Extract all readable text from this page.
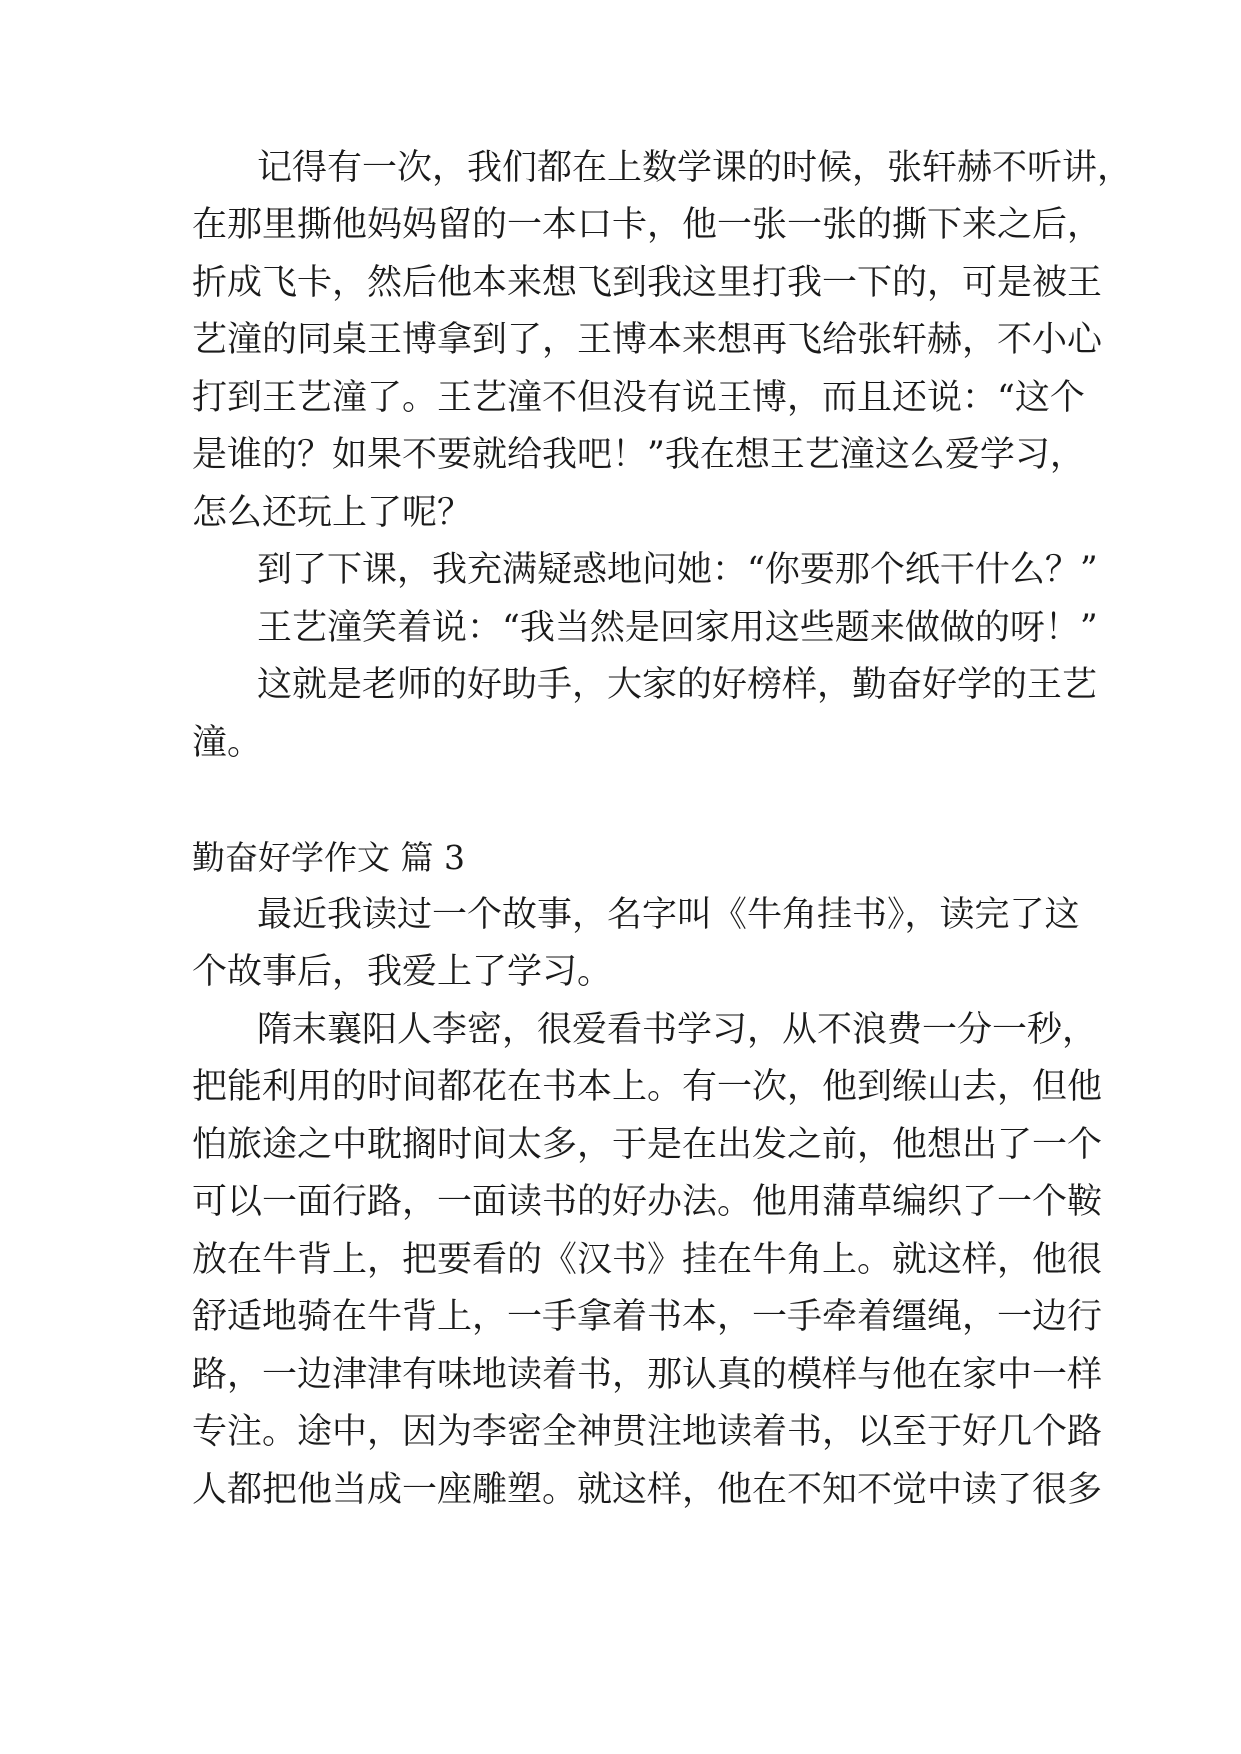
记得有一次，我们都在上数学课的时候，张轩赫不听讲，
在那里撕他妈妈留的一本口卡，他一张一张的撕下来之后，
折成飞卡，然后他本来想飞到我这里打我一下的，可是被王
艺潼的同桌王博拿到了，王博本来想再飞给张轩赫，不小心
打到王艺潼了。王艺潼不但没有说王博，而且还说：“这个
是谁的？如果不要就给我吧！”我在想王艺潼这么爱学习，
怎么还玩上了呢？
到了下课，我充满疑惑地问她：“你要那个纸干什么？”
王艺潼笑着说：“我当然是回家用这些题来做做的呀！”
这就是老师的好助手，大家的好榜样，勤奋好学的王艺
潼。
勤奋好学作文 篇 3
最近我读过一个故事，名字叫《牛角挂书》，读完了这
个故事后，我爱上了学习。
隋末襄阳人李密，很爱看书学习，从不浪费一分一秒，
把能利用的时间都花在书本上。有一次，他到缑山去，但他
怕旅途之中耽搁时间太多，于是在出发之前，他想出了一个
可以一面行路，一面读书的好办法。他用蒲草编织了一个鞍
放在牛背上，把要看的《汉书》挂在牛角上。就这样，他很
舒适地骑在牛背上，一手拿着书本，一手牵着缰绳，一边行
路，一边津津有味地读着书，那认真的模样与他在家中一样
专注。途中，因为李密全神贯注地读着书，以至于好几个路
人都把他当成一座雕塑。就这样，他在不知不觉中读了很多
